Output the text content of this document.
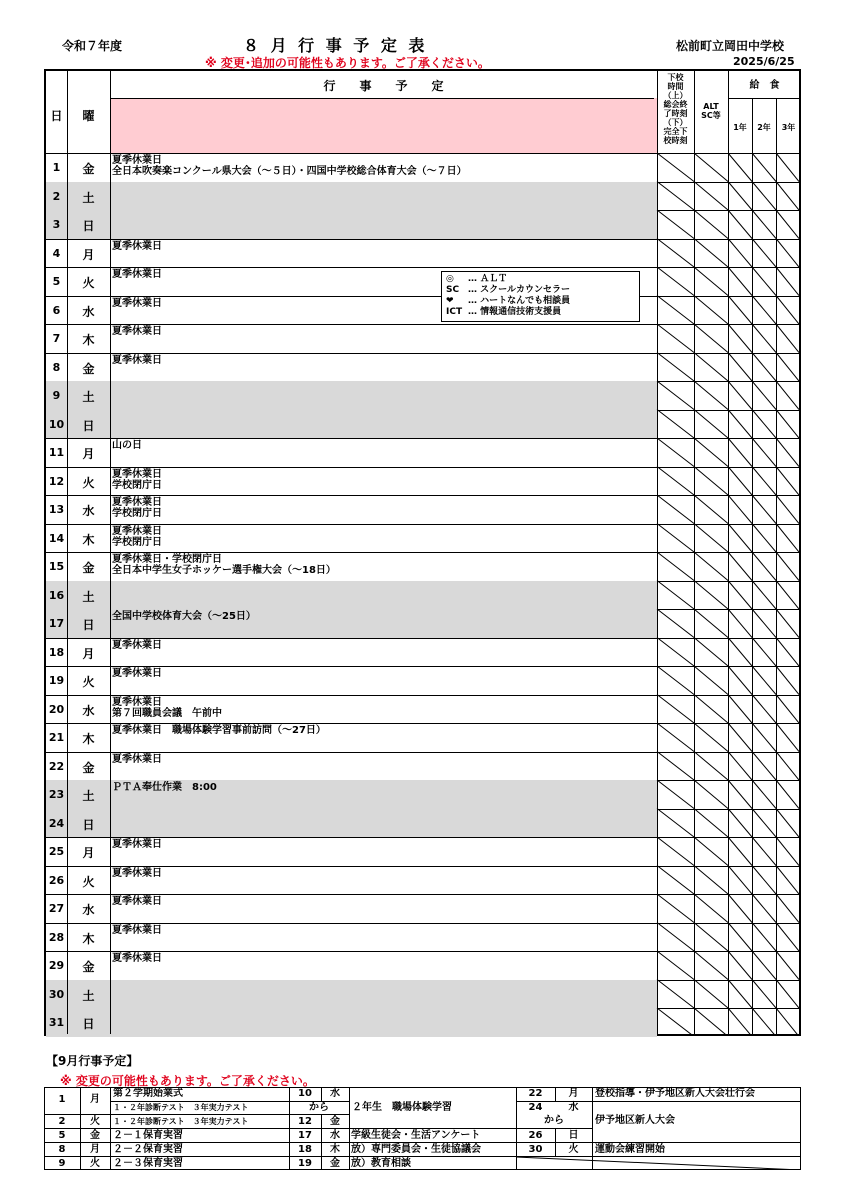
令和７年度	８ 月 行 事 予 定 表
※ 変更･追加の可能性もあります。ご了承ください。
松前町立岡田中学校
2025/6/25
1	金
夏季休業日
全日本吹奏楽コンクール県大会（～５日）・四国中学校総合体育大会（～７日）
2	土
3	日
4	月
夏季休業日
5	火
夏季休業日
6	水
夏季休業日
7	木
夏季休業日
8	金
夏季休業日
9	土
10	日
11	月
山の日
12	火
夏季休業日
学校閉庁日
13	水
夏季休業日
学校閉庁日
14	木
夏季休業日
学校閉庁日
15	金
夏季休業日・学校閉庁日
全日本中学生女子ホッケー選手権大会（～18日）
16	土
17	日
全国中学校体育大会（～25日）
18	月
夏季休業日
19	火
夏季休業日
20	水
夏季休業日
第７回職員会議　午前中
21	木
夏季休業日　職場体験学習事前訪問（～27日）
22	金
夏季休業日
23	土
ＰＴＡ奉仕作業　8:00
24	日
25	月
夏季休業日
26	火
夏季休業日
27	水
夏季休業日
28	木
夏季休業日
29	金
夏季休業日
30	土
31	日
日	曜
行　　事　　予　　定
下校
時間
（上）
総会終
了時刻
（下）
完全下
校時刻
ALT
SC等
給　食
1年	2年	3年
◎ … ＡＬＴ
SC … スクールカウンセラー
❤ … ハートなんでも相談員
ICT … 情報通信技術支援員
【9月行事予定】
※ 変更の可能性もあります。ご了承ください。
1	月
第２学期始業式
１・２年診断テスト　３年実力テスト
2	火	１・２年診断テスト　３年実力テスト
5	金	２－１保育実習
8	月	２－２保育実習
9	火	２－３保育実習
10	水
から	２年生　職場体験学習
12	金
17	水	学級生徒会・生活アンケート
18	木	放）専門委員会・生徒協議会
19	金	放）教育相談
22	月	登校指導・伊予地区新人大会壮行会
24	水
から	伊予地区新人大会
26	日
30	火	運動会練習開始
